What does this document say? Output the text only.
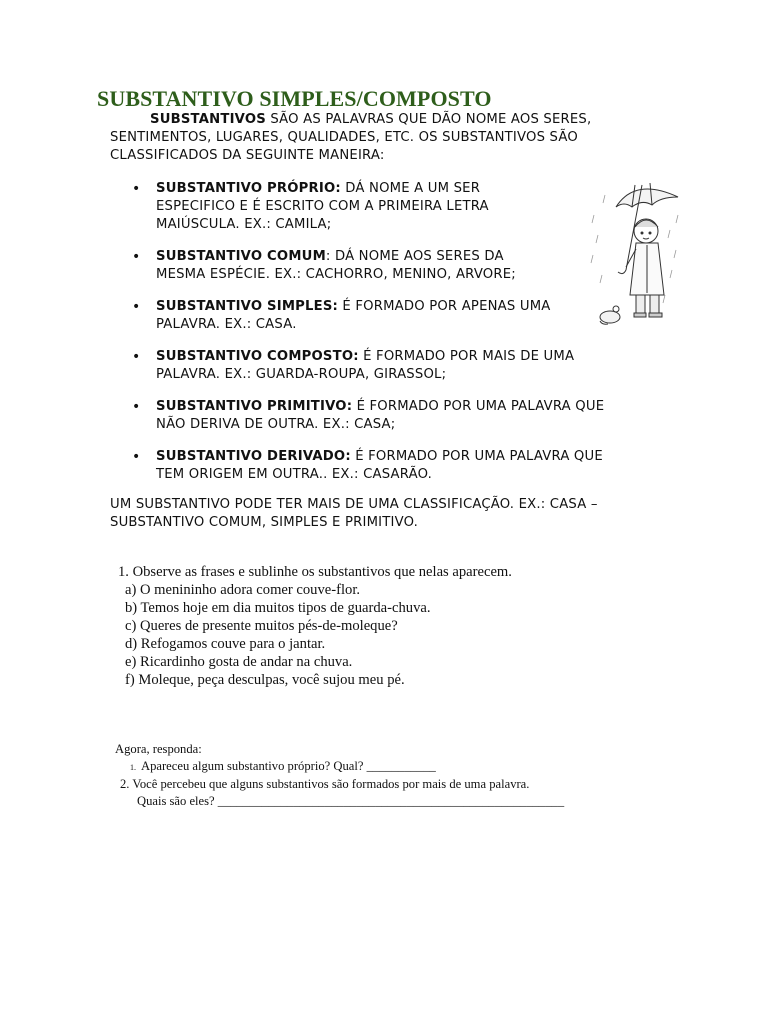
SUBSTANTIVO SIMPLES/COMPOSTO
SUBSTANTIVOS SÃO AS PALAVRAS QUE DÃO NOME AOS SERES,
SENTIMENTOS, LUGARES, QUALIDADES, ETC. OS SUBSTANTIVOS SÃO
CLASSIFICADOS DA SEGUINTE MANEIRA:
• SUBSTANTIVO PRÓPRIO: DÁ NOME A UM SER
ESPECIFICO E É ESCRITO COM A PRIMEIRA LETRA
MAIÚSCULA. EX.: CAMILA;
• SUBSTANTIVO COMUM: DÁ NOME AOS SERES DA
MESMA ESPÉCIE. EX.: CACHORRO, MENINO, ARVORE;
• SUBSTANTIVO SIMPLES: É FORMADO POR APENAS UMA
PALAVRA. EX.: CASA.
• SUBSTANTIVO COMPOSTO: É FORMADO POR MAIS DE UMA
PALAVRA. EX.: GUARDA-ROUPA, GIRASSOL;
• SUBSTANTIVO PRIMITIVO: É FORMADO POR UMA PALAVRA QUE
NÃO DERIVA DE OUTRA. EX.: CASA;
• SUBSTANTIVO DERIVADO: É FORMADO POR UMA PALAVRA QUE
TEM ORIGEM EM OUTRA.. EX.: CASARÃO.
UM SUBSTANTIVO PODE TER MAIS DE UMA CLASSIFICAÇÃO. EX.: CASA –
SUBSTANTIVO COMUM, SIMPLES E PRIMITIVO.
1. Observe as frases e sublinhe os substantivos que nelas aparecem.
a) O menininho adora comer couve-flor.
b) Temos hoje em dia muitos tipos de guarda-chuva.
c) Queres de presente muitos pés-de-moleque?
d) Refogamos couve para o jantar.
e) Ricardinho gosta de andar na chuva.
f) Moleque, peça desculpas, você sujou meu pé.
Agora, responda:
1. Apareceu algum substantivo próprio? Qual? ___________
2. Você percebeu que alguns substantivos são formados por mais de uma palavra.
Quais são eles? _______________________________________________________
